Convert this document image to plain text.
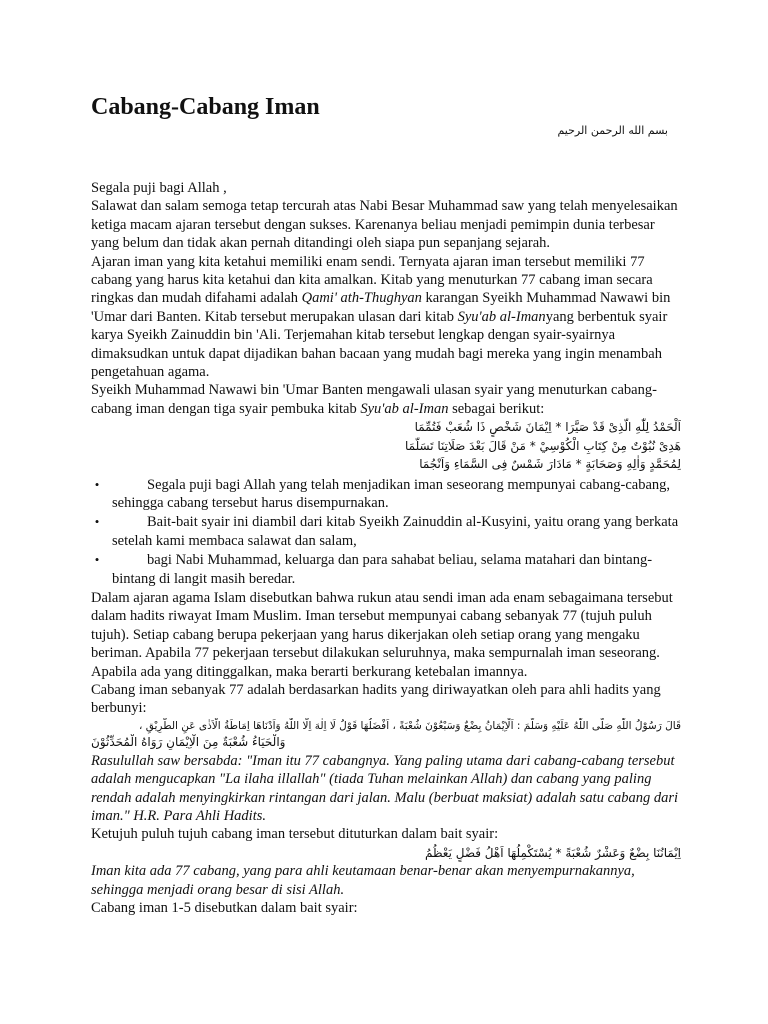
Cabang-Cabang Iman
بسم الله الرحمن الرحيم

Segala puji bagi Allah ,

Salawat dan salam semoga tetap tercurah atas Nabi Besar Muhammad saw yang telah menyelesaikan ketiga macam ajaran tersebut dengan sukses. Karenanya beliau menjadi pemimpin dunia terbesar yang belum dan tidak akan pernah ditandingi oleh siapa pun sepanjang sejarah.

Ajaran iman yang kita ketahui memiliki enam sendi. Ternyata ajaran iman tersebut memiliki 77 cabang yang harus kita ketahui dan kita amalkan. Kitab yang menuturkan 77 cabang iman secara ringkas dan mudah difahami adalah Qami' ath-Thughyan karangan Syeikh Muhammad Nawawi bin 'Umar dari Banten. Kitab tersebut merupakan ulasan dari kitab Syu'ab al-Imanyang berbentuk syair karya Syeikh Zainuddin bin 'Ali. Terjemahan kitab tersebut lengkap dengan syair-syairnya dimaksudkan untuk dapat dijadikan bahan bacaan yang mudah bagi mereka yang ingin menambah pengetahuan agama.

Syeikh Muhammad Nawawi bin 'Umar Banten mengawali ulasan syair yang menuturkan cabang-cabang iman dengan tiga syair pembuka kitab Syu'ab al-Iman sebagai berikut:

اَلْحَمْدُ لِلّٰهِ الَّذِىْ قَدْ صَيَّرَا * اِيْمَانَ شَخْصٍ ذَا شُعَبْ فَتُمِّمَا
هَدِىْ نُبُوْتٌ مِنْ كِتَابِ الْكُوْسِيْ * مَنْ قَالَ بَعْدَ صَلَاتِنَا تَسَلَّمَا
لِمُحَمَّدٍ وَاٰلِهِ وَصَحَابَةٍ * مَادَارَ شَمْسٌ فِى السَّمَاءِ وَاَنْجُمَا
•	Segala puji bagi Allah yang telah menjadikan iman seseorang mempunyai cabang-cabang, sehingga cabang tersebut harus disempurnakan.
•	Bait-bait syair ini diambil dari kitab Syeikh Zainuddin al-Kusyini, yaitu orang yang berkata setelah kami membaca salawat dan salam,
•	bagi Nabi Muhammad, keluarga dan para sahabat beliau, selama matahari dan bintang-bintang di langit masih beredar.

Dalam ajaran agama Islam disebutkan bahwa rukun atau sendi iman ada enam sebagaimana tersebut dalam hadits riwayat Imam Muslim. Iman tersebut mempunyai cabang sebanyak 77 (tujuh puluh tujuh). Setiap cabang berupa pekerjaan yang harus dikerjakan oleh setiap orang yang mengaku beriman. Apabila 77 pekerjaan tersebut dilakukan seluruhnya, maka sempurnalah iman seseorang. Apabila ada yang ditinggalkan, maka berarti berkurang ketebalan imannya.

Cabang iman sebanyak 77 adalah berdasarkan hadits yang diriwayatkan oleh para ahli hadits yang berbunyi:

قَالَ رَسُوْلُ اللّٰهِ صَلَّى اللّٰهُ عَلَيْهِ وَسَلَّمَ : اَلْاِيْمَانُ بِضْعٌ وَسَبْعُوْنَ شُعْبَةً ، اَفْضَلُهَا قَوْلُ لَا اِلٰهَ اِلَّا اللّٰهُ وَاَدْنَاهَا اِمَاطَةُ الْاَذٰى عَنِ الطَّرِيْقِ ،
وَالْحَيَاءُ شُعْبَةٌ مِنَ الْاِيْمَانِ رَوَاهُ الْمُحَدِّثُوْنَ

Rasulullah saw bersabda: "Iman itu 77 cabangnya. Yang paling utama dari cabang-cabang tersebut adalah mengucapkan "La ilaha illallah" (tiada Tuhan melainkan Allah) dan cabang yang paling rendah adalah menyingkirkan rintangan dari jalan. Malu (berbuat maksiat) adalah satu cabang dari iman." H.R. Para Ahli Hadits.

Ketujuh puluh tujuh cabang iman tersebut dituturkan dalam bait syair:

اِيْمَانُنَا بِضْعٌ وَعَشْرٌ شُعْبَةً * يُسْتَكْمِلُهَا اَهْلُ فَضْلٍ يَعْظُمُ

Iman kita ada 77 cabang, yang para ahli keutamaan benar-benar akan menyempurnakannya, sehingga menjadi orang besar di sisi Allah.

Cabang iman 1-5 disebutkan dalam bait syair:
